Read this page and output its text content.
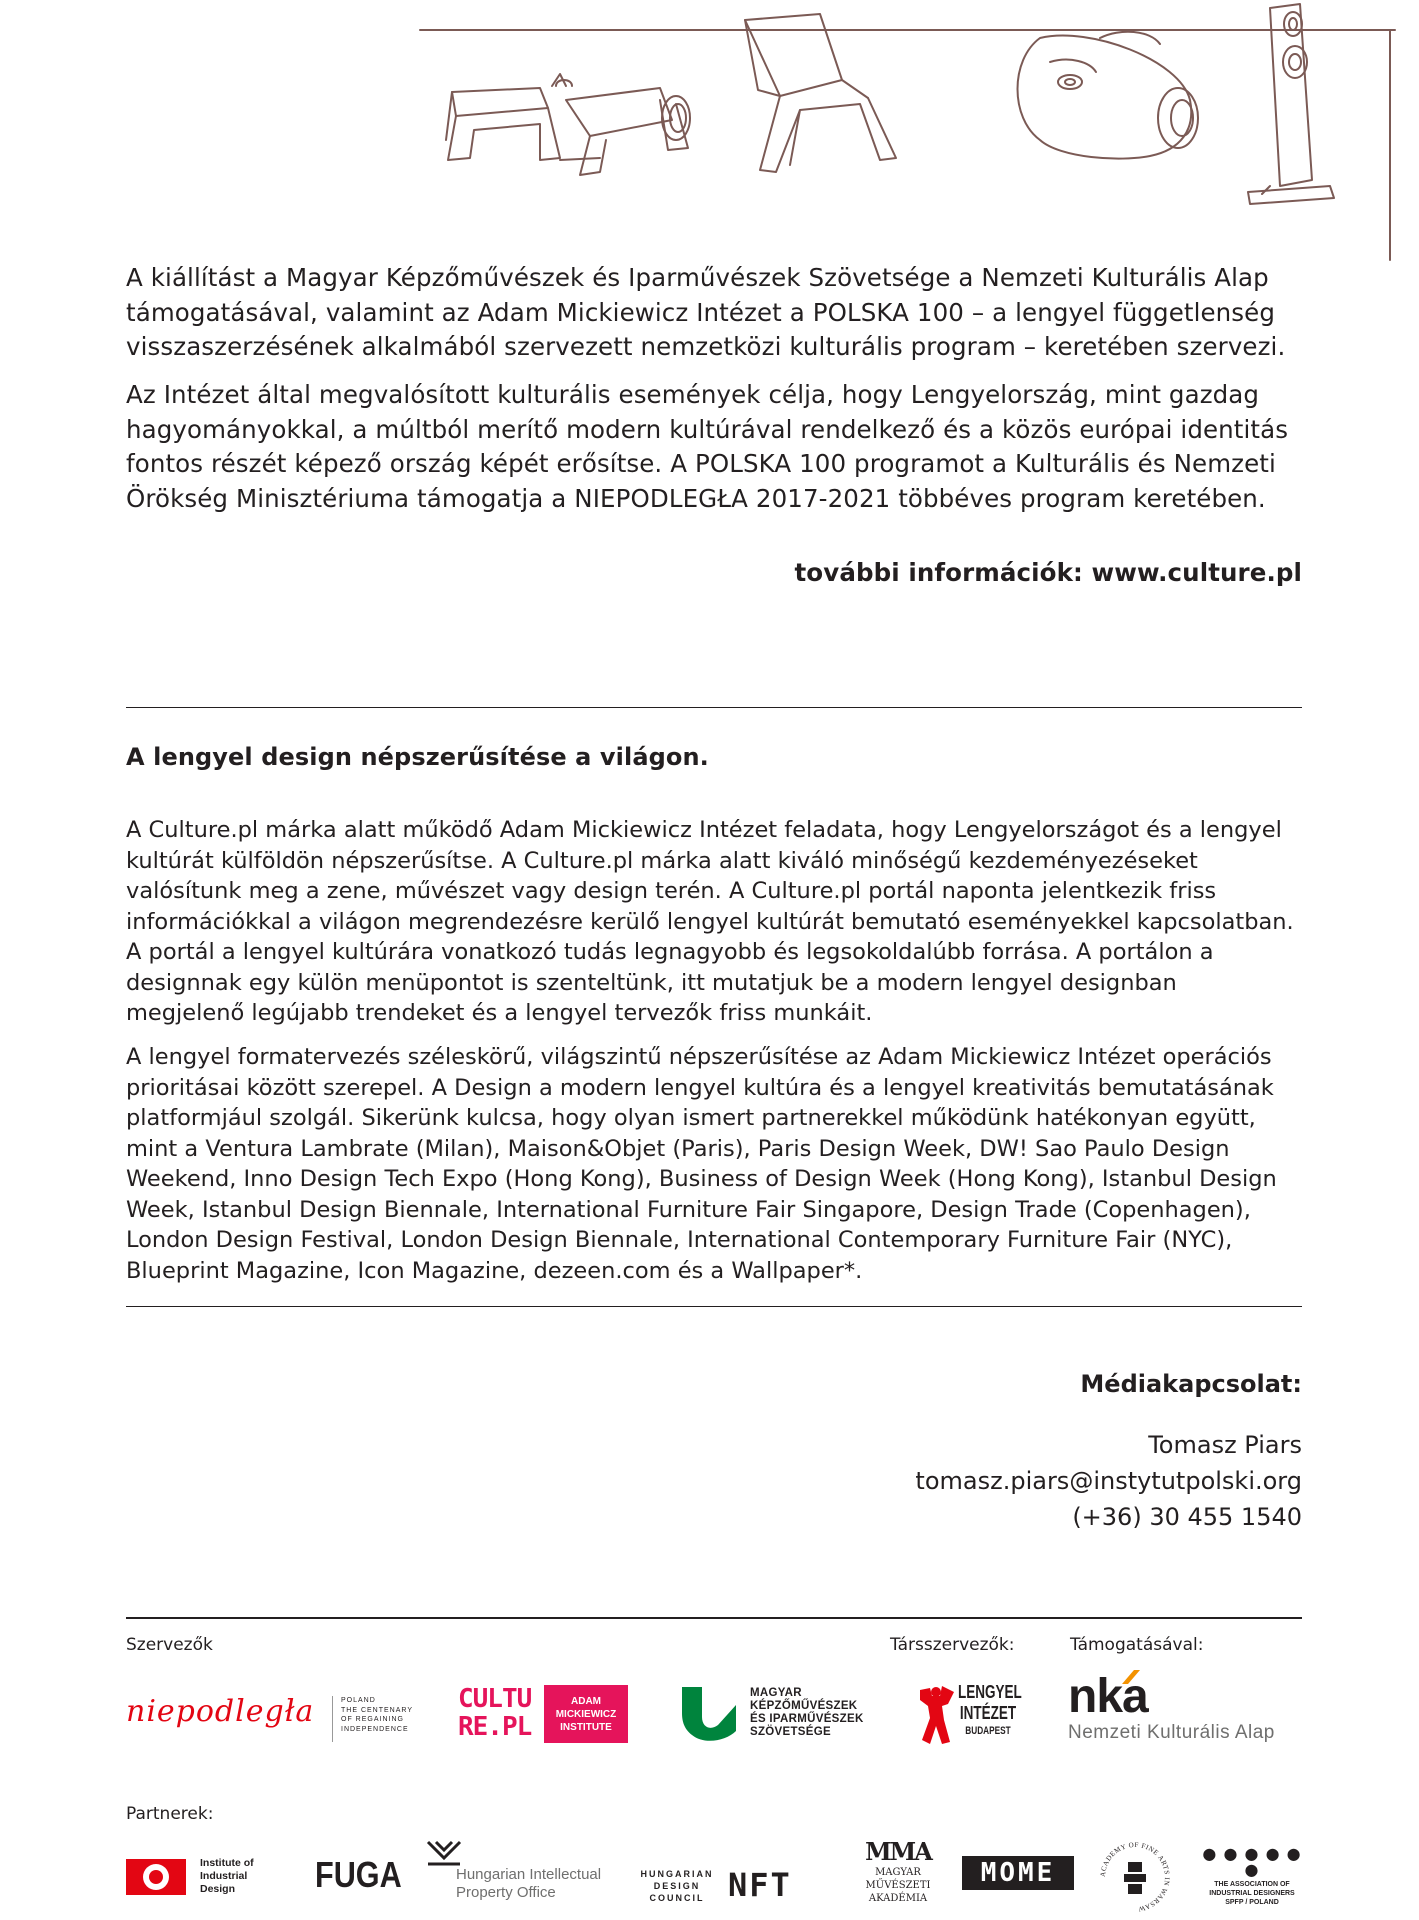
A kiállítást a Magyar Képzőművészek és Iparművészek Szövetsége a Nemzeti Kulturális Alap támogatásával, valamint az Adam Mickiewicz Intézet a POLSKA 100 – a lengyel függetlenség visszaszerzésének alkalmából szervezett nemzetközi kulturális program – keretében szervezi.

Az Intézet által megvalósított kulturális események célja, hogy Lengyelország, mint gazdag hagyományokkal, a múltból merítő modern kultúrával rendelkező és a közös európai identitás fontos részét képező ország képét erősítse. A POLSKA 100 programot a Kulturális és Nemzeti Örökség Minisztériuma támogatja a NIEPODLEGŁA 2017-2021 többéves program keretében.

további információk: www.culture.pl

A lengyel design népszerűsítése a világon.

A Culture.pl márka alatt működő Adam Mickiewicz Intézet feladata, hogy Lengyelországot és a lengyel kultúrát külföldön népszerűsítse. A Culture.pl márka alatt kiváló minőségű kezdeményezéseket valósítunk meg a zene, művészet vagy design terén. A Culture.pl portál naponta jelentkezik friss információkkal a világon megrendezésre kerülő lengyel kultúrát bemutató eseményekkel kapcsolatban. A portál a lengyel kultúrára vonatkozó tudás legnagyobb és legsokoldalúbb forrása. A portálon a designnak egy külön menüpontot is szenteltünk, itt mutatjuk be a modern lengyel designban megjelenő legújabb trendeket és a lengyel tervezők friss munkáit.

A lengyel formatervezés széleskörű, világszintű népszerűsítése az Adam Mickiewicz Intézet operációs prioritásai között szerepel. A Design a modern lengyel kultúra és a lengyel kreativitás bemutatásának platformjául szolgál. Sikerünk kulcsa, hogy olyan ismert partnerekkel működünk hatékonyan együtt, mint a Ventura Lambrate (Milan), Maison&Objet (Paris), Paris Design Week, DW! Sao Paulo Design Weekend, Inno Design Tech Expo (Hong Kong), Business of Design Week (Hong Kong), Istanbul Design Week, Istanbul Design Biennale, International Furniture Fair Singapore, Design Trade (Copenhagen), London Design Festival, London Design Biennale, International Contemporary Furniture Fair (NYC), Blueprint Magazine, Icon Magazine, dezeen.com és a Wallpaper*.

Médiakapcsolat:
Tomasz Piars
tomasz.piars@instytutpolski.org
(+36) 30 455 1540
Szervezők	Társszervezők:	Támogatásával:
Partnerek:
niepodległa	POLAND
THE CENTENARY
OF REGAINING
INDEPENDENCE
CULTU
RE.PL
ADAM
MICKIEWICZ
INSTITUTE
MAGYAR
KÉPZŐMŰVÉSZEK
ÉS IPARMŰVÉSZEK
SZÖVETSÉGE
LENGYEL
INTÉZET
BUDAPEST
nka
Nemzeti Kulturális Alap
Institute of
Industrial
Design	FUGA	Hungarian Intellectual
Property Office
HUNGARIAN
DESIGN
COUNCIL NFT
MMA
MAGYAR
MŰVÉSZETI
AKADÉMIA
MOME	ACADEMY OF FINE ARTS IN WARSAW
● ● ● ● ● ●
THE ASSOCIATION OF
INDUSTRIAL DESIGNERS
SPFP / POLAND
